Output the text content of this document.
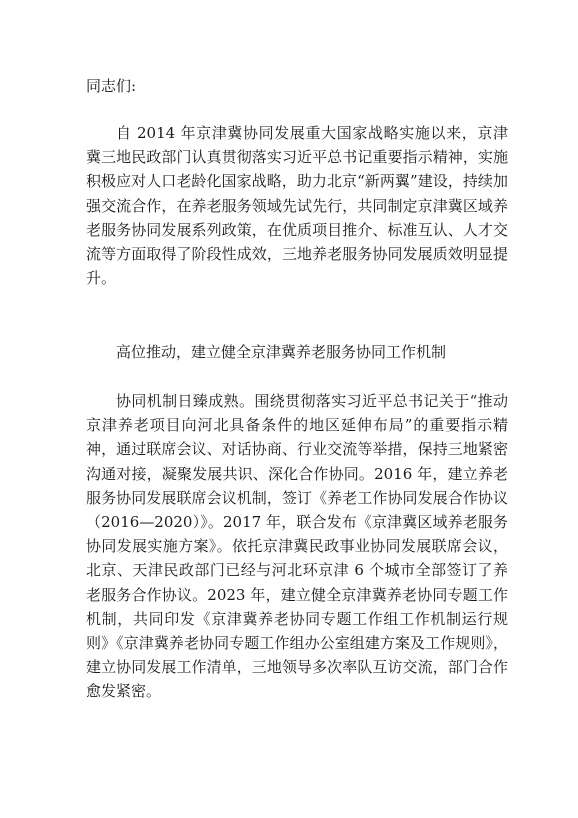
同志们:

自 2014 年京津冀协同发展重大国家战略实施以来，京津冀三地民政部门认真贯彻落实习近平总书记重要指示精神，实施积极应对人口老龄化国家战略，助力北京“新两翼”建设，持续加强交流合作，在养老服务领域先试先行，共同制定京津冀区域养老服务协同发展系列政策，在优质项目推介、标准互认、人才交流等方面取得了阶段性成效，三地养老服务协同发展质效明显提升。

高位推动，建立健全京津冀养老服务协同工作机制

协同机制日臻成熟。围绕贯彻落实习近平总书记关于“推动京津养老项目向河北具备条件的地区延伸布局”的重要指示精神，通过联席会议、对话协商、行业交流等举措，保持三地紧密沟通对接，凝聚发展共识、深化合作协同。2016 年，建立养老服务协同发展联席会议机制，签订《养老工作协同发展合作协议（2016—2020）》。2017 年，联合发布《京津冀区域养老服务协同发展实施方案》。依托京津冀民政事业协同发展联席会议，北京、天津民政部门已经与河北环京津 6 个城市全部签订了养老服务合作协议。2023 年，建立健全京津冀养老协同专题工作机制，共同印发《京津冀养老协同专题工作组工作机制运行规则》《京津冀养老协同专题工作组办公室组建方案及工作规则》，建立协同发展工作清单，三地领导多次率队互访交流，部门合作愈发紧密。
